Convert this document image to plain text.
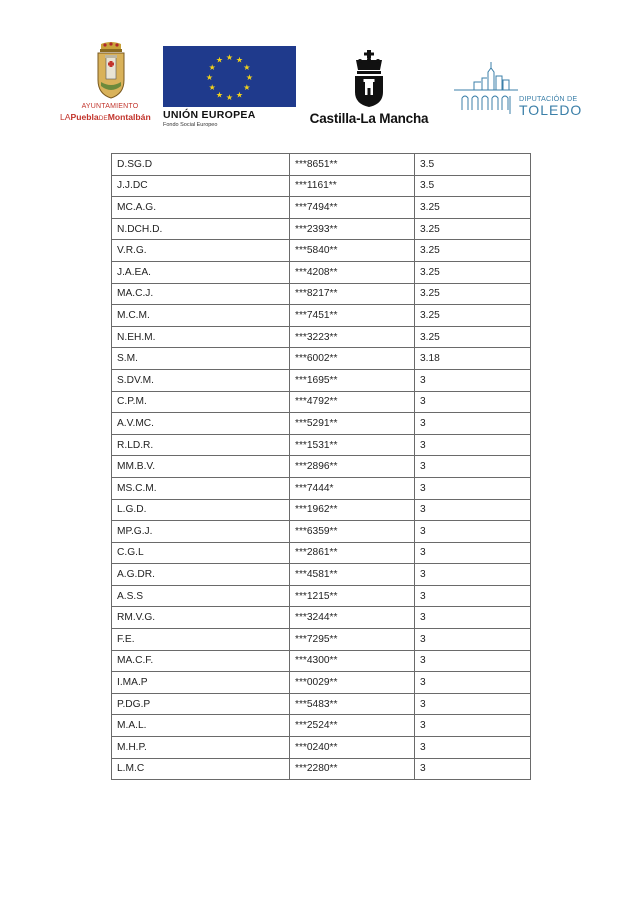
AYUNTAMIENTO
LAPueblaDEMontalbán
★ ★
★
★
★
★
★
★
★
★
★
★
UNIÓN EUROPEA
Fondo Social Europeo	Castilla-La Mancha
DIPUTACIÓN DE
TOLEDO
D.SG.D	***8651**	3.5
J.J.DC	***1161**	3.5
MC.A.G.	***7494**	3.25
N.DCH.D.	***2393**	3.25
V.R.G.	***5840**	3.25
J.A.EA.	***4208**	3.25
MA.C.J.	***8217**	3.25
M.C.M.	***7451**	3.25
N.EH.M.	***3223**	3.25
S.M.	***6002**	3.18
S.DV.M.	***1695**	3
C.P.M.	***4792**	3
A.V.MC.	***5291**	3
R.LD.R.	***1531**	3
MM.B.V.	***2896**	3
MS.C.M.	***7444*	3
L.G.D.	***1962**	3
MP.G.J.	***6359**	3
C.G.L	***2861**	3
A.G.DR.	***4581**	3
A.S.S	***1215**	3
RM.V.G.	***3244**	3
F.E.	***7295**	3
MA.C.F.	***4300**	3
I.MA.P	***0029**	3
P.DG.P	***5483**	3
M.A.L.	***2524**	3
M.H.P.	***0240**	3
L.M.C	***2280**	3
